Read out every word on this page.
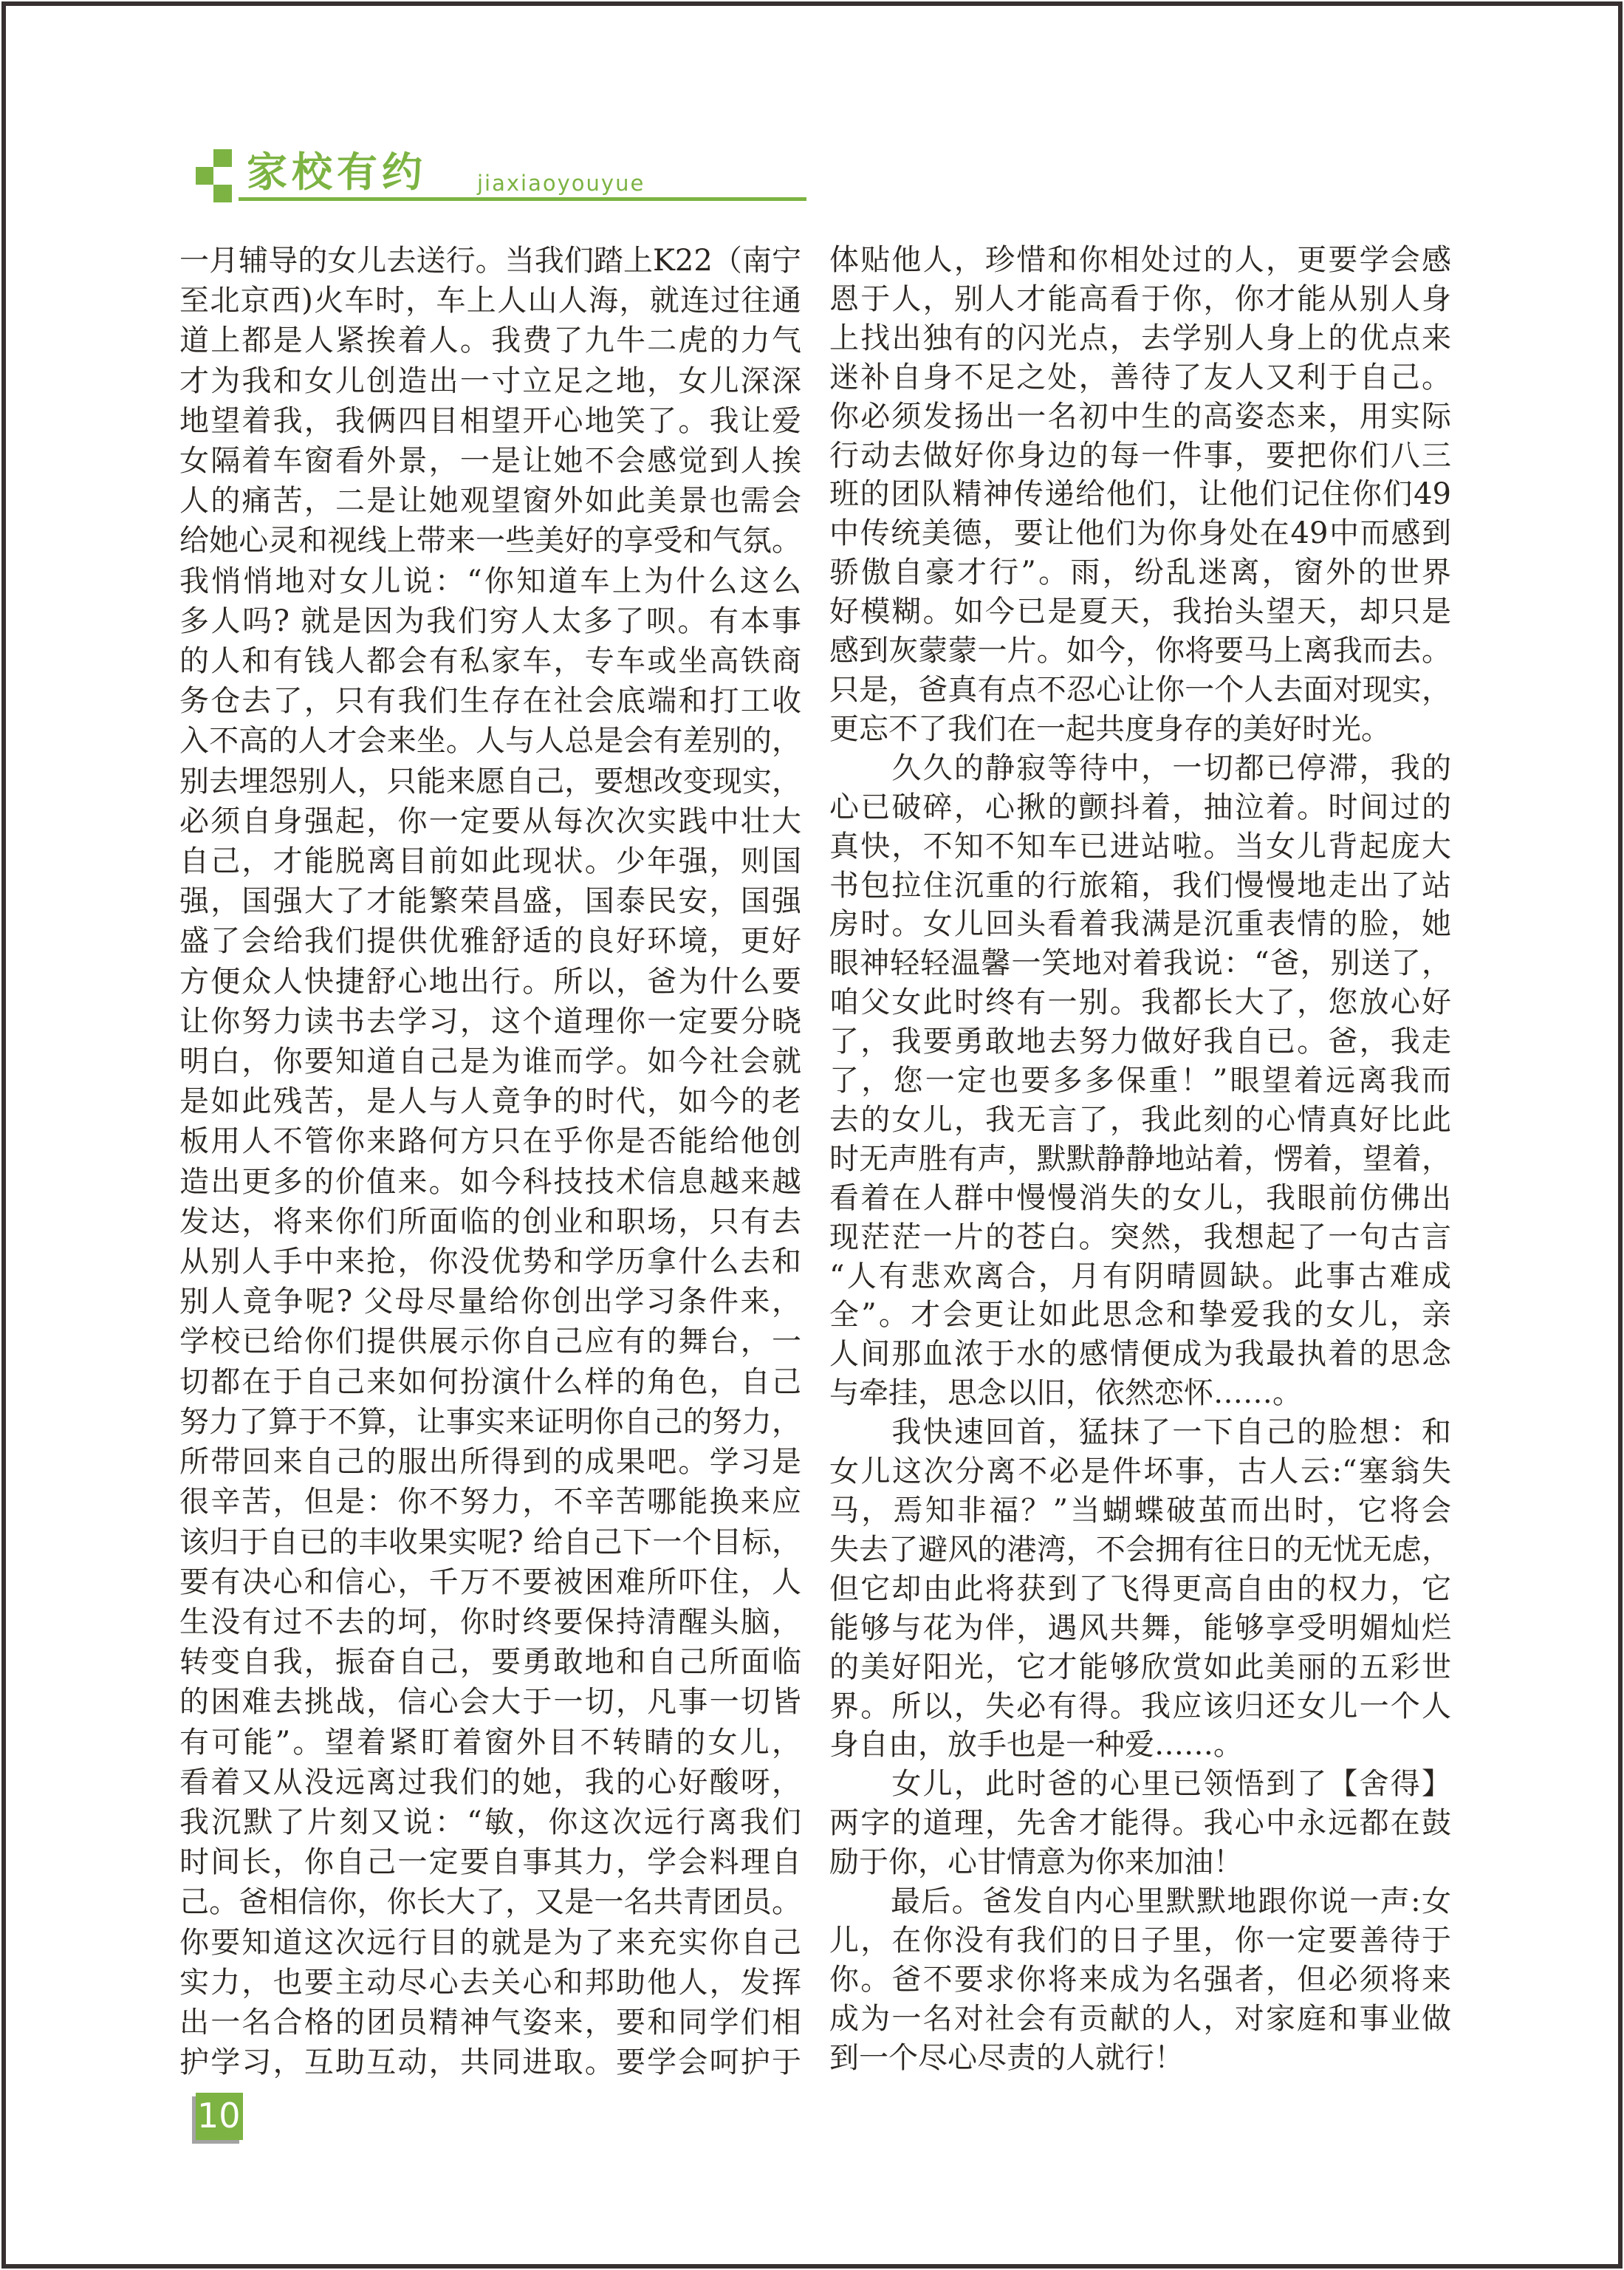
家校有约 jiaxiaoyouyue
一月辅导的女儿去送行。当我们踏上K22（南宁
至北京西)火车时，车上人山人海，就连过往通
道上都是人紧挨着人。我费了九牛二虎的力气
才为我和女儿创造出一寸立足之地，女儿深深
地望着我，我俩四目相望开心地笑了。我让爱
女隔着车窗看外景，一是让她不会感觉到人挨
人的痛苦，二是让她观望窗外如此美景也需会
给她心灵和视线上带来一些美好的享受和气氛。
我悄悄地对女儿说：“你知道车上为什么这么
多人吗? 就是因为我们穷人太多了呗。有本事
的人和有钱人都会有私家车，专车或坐高铁商
务仓去了，只有我们生存在社会底端和打工收
入不高的人才会来坐。人与人总是会有差别的，
别去埋怨别人，只能来愿自己，要想改变现实，
必须自身强起，你一定要从每次次实践中壮大
自己，才能脱离目前如此现状。少年强，则国
强，国强大了才能繁荣昌盛，国泰民安，国强
盛了会给我们提供优雅舒适的良好环境，更好
方便众人快捷舒心地出行。所以，爸为什么要
让你努力读书去学习，这个道理你一定要分晓
明白，你要知道自己是为谁而学。如今社会就
是如此残苦，是人与人竟争的时代，如今的老
板用人不管你来路何方只在乎你是否能给他创
造出更多的价值来。如今科技技术信息越来越
发达，将来你们所面临的创业和职场，只有去
从别人手中来抢，你没优势和学历拿什么去和
别人竟争呢? 父母尽量给你创出学习条件来，
学校已给你们提供展示你自己应有的舞台，一
切都在于自己来如何扮演什么样的角色，自己
努力了算于不算，让事实来证明你自己的努力，
所带回来自己的服出所得到的成果吧。学习是
很辛苦，但是：你不努力，不辛苦哪能换来应
该归于自已的丰收果实呢? 给自己下一个目标，
要有决心和信心，千万不要被困难所吓住，人
生没有过不去的坷，你时终要保持清醒头脑，
转变自我，振奋自己，要勇敢地和自己所面临
的困难去挑战，信心会大于一切，凡事一切皆
有可能”。望着紧盯着窗外目不转睛的女儿，
看着又从没远离过我们的她，我的心好酸呀，
我沉默了片刻又说：“敏，你这次远行离我们
时间长，你自己一定要自事其力，学会料理自
己。爸相信你，你长大了，又是一名共青团员。
你要知道这次远行目的就是为了来充实你自己
实力，也要主动尽心去关心和邦助他人，发挥
出一名合格的团员精神气姿来，要和同学们相
护学习，互助互动，共同进取。要学会呵护于
体贴他人，珍惜和你相处过的人，更要学会感
恩于人，别人才能高看于你，你才能从别人身
上找出独有的闪光点，去学别人身上的优点来
迷补自身不足之处，善待了友人又利于自己。
你必须发扬出一名初中生的高姿态来，用实际
行动去做好你身边的每一件事，要把你们八三
班的团队精神传递给他们，让他们记住你们49
中传统美德，要让他们为你身处在49中而感到
骄傲自豪才行”。雨，纷乱迷离，窗外的世界
好模糊。如今已是夏天，我抬头望天，却只是
感到灰蒙蒙一片。如今，你将要马上离我而去。
只是，爸真有点不忍心让你一个人去面对现实，
更忘不了我们在一起共度身存的美好时光。
　　久久的静寂等待中，一切都已停滞，我的
心已破碎，心揪的颤抖着，抽泣着。时间过的
真快，不知不知车已进站啦。当女儿背起庞大
书包拉住沉重的行旅箱，我们慢慢地走出了站
房时。女儿回头看着我满是沉重表情的脸，她
眼神轻轻温馨一笑地对着我说：“爸，别送了，
咱父女此时终有一别。我都长大了，您放心好
了，我要勇敢地去努力做好我自已。爸，我走
了，您一定也要多多保重！”眼望着远离我而
去的女儿，我无言了，我此刻的心情真好比此
时无声胜有声，默默静静地站着，愣着，望着，
看着在人群中慢慢消失的女儿，我眼前仿佛出
现茫茫一片的苍白。突然，我想起了一句古言
“人有悲欢离合，月有阴晴圆缺。此事古难成
全”。才会更让如此思念和挚爱我的女儿，亲
人间那血浓于水的感情便成为我最执着的思念
与牵挂，思念以旧，依然恋怀……。
　　我快速回首，猛抹了一下自己的脸想：和
女儿这次分离不必是件坏事，古人云:“塞翁失
马，焉知非福？”当蝴蝶破茧而出时，它将会
失去了避风的港湾，不会拥有往日的无忧无虑，
但它却由此将获到了飞得更高自由的权力，它
能够与花为伴，遇风共舞，能够享受明媚灿烂
的美好阳光，它才能够欣赏如此美丽的五彩世
界。所以，失必有得。我应该归还女儿一个人
身自由，放手也是一种爱……。
　　女儿，此时爸的心里已领悟到了【舍得】
两字的道理，先舍才能得。我心中永远都在鼓
励于你，心甘情意为你来加油！
　　最后。爸发自内心里默默地跟你说一声:女
儿，在你没有我们的日子里，你一定要善待于
你。爸不要求你将来成为名强者，但必须将来
成为一名对社会有贡献的人，对家庭和事业做
到一个尽心尽责的人就行！
105
